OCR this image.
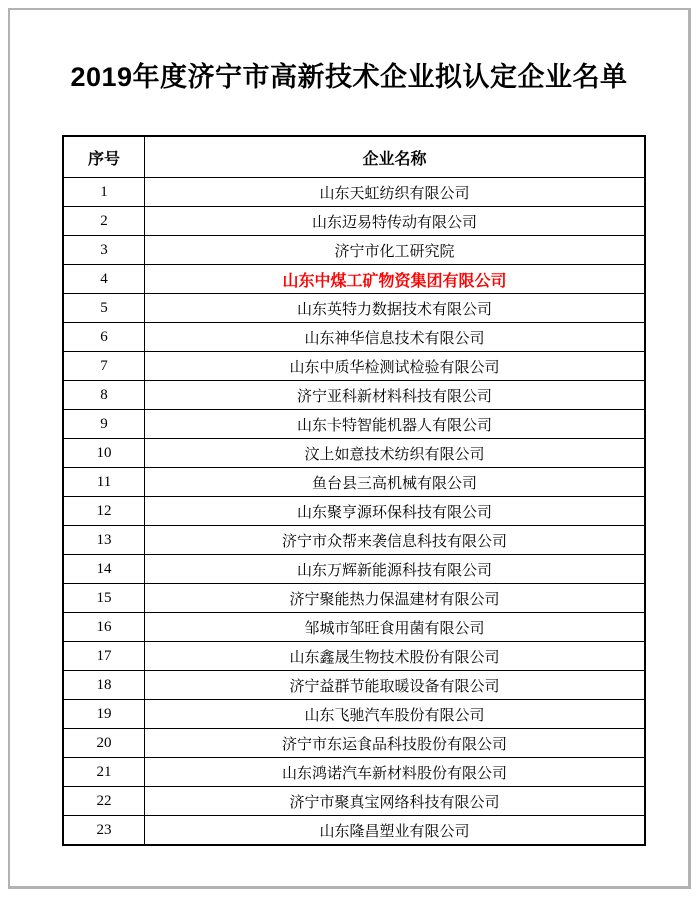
2019年度济宁市高新技术企业拟认定企业名单
序号	企业名称
1	山东天虹纺织有限公司
2	山东迈易特传动有限公司
3	济宁市化工研究院
4	山东中煤工矿物资集团有限公司
5	山东英特力数据技术有限公司
6	山东神华信息技术有限公司
7	山东中质华检测试检验有限公司
8	济宁亚科新材料科技有限公司
9	山东卡特智能机器人有限公司
10	汶上如意技术纺织有限公司
11	鱼台县三高机械有限公司
12	山东聚亨源环保科技有限公司
13	济宁市众帮来袭信息科技有限公司
14	山东万辉新能源科技有限公司
15	济宁聚能热力保温建材有限公司
16	邹城市邹旺食用菌有限公司
17	山东鑫晟生物技术股份有限公司
18	济宁益群节能取暖设备有限公司
19	山东飞驰汽车股份有限公司
20	济宁市东运食品科技股份有限公司
21	山东鸿诺汽车新材料股份有限公司
22	济宁市聚真宝网络科技有限公司
23	山东隆昌塑业有限公司
